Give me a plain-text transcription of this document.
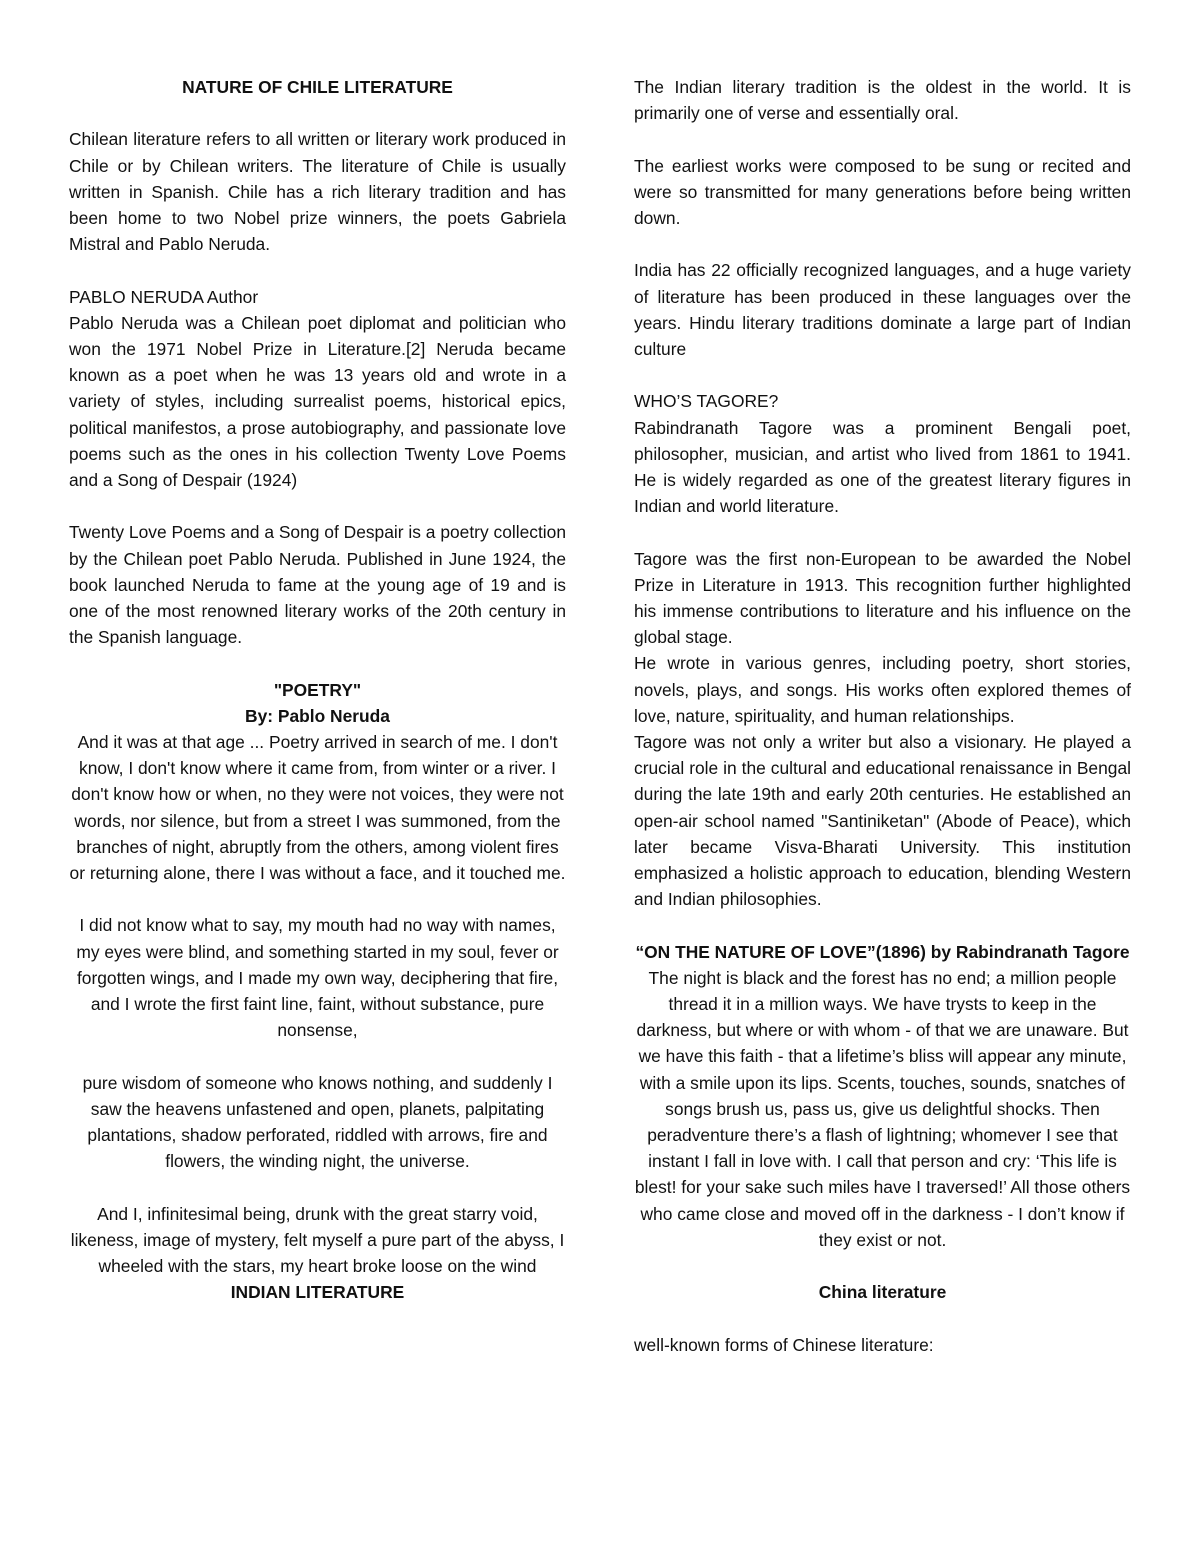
NATURE OF CHILE LITERATURE

Chilean literature refers to all written or literary work produced in Chile or by Chilean writers. The literature of Chile is usually written in Spanish. Chile has a rich literary tradition and has been home to two Nobel prize winners, the poets Gabriela Mistral and Pablo Neruda.

PABLO NERUDA Author

Pablo Neruda was a Chilean poet diplomat and politician who won the 1971 Nobel Prize in Literature.[2] Neruda became known as a poet when he was 13 years old and wrote in a variety of styles, including surrealist poems, historical epics, political manifestos, a prose autobiography, and passionate love poems such as the ones in his collection Twenty Love Poems and a Song of Despair (1924)

Twenty Love Poems and a Song of Despair is a poetry collection by the Chilean poet Pablo Neruda. Published in June 1924, the book launched Neruda to fame at the young age of 19 and is one of the most renowned literary works of the 20th century in the Spanish language.

"POETRY"

By: Pablo Neruda

And it was at that age ... Poetry arrived in search of me. I don't know, I don't know where it came from, from winter or a river. I don't know how or when, no they were not voices, they were not words, nor silence, but from a street I was summoned, from the branches of night, abruptly from the others, among violent fires or returning alone, there I was without a face, and it touched me.

I did not know what to say, my mouth had no way with names, my eyes were blind, and something started in my soul, fever or forgotten wings, and I made my own way, deciphering that fire, and I wrote the first faint line, faint, without substance, pure nonsense,

pure wisdom of someone who knows nothing, and suddenly I saw the heavens unfastened and open, planets, palpitating plantations, shadow perforated, riddled with arrows, fire and flowers, the winding night, the universe.

And I, infinitesimal being, drunk with the great starry void, likeness, image of mystery, felt myself a pure part of the abyss, I wheeled with the stars, my heart broke loose on the wind

INDIAN LITERATURE

The Indian literary tradition is the oldest in the world. It is primarily one of verse and essentially oral.

The earliest works were composed to be sung or recited and were so transmitted for many generations before being written down.

India has 22 officially recognized languages, and a huge variety of literature has been produced in these languages over the years. Hindu literary traditions dominate a large part of Indian culture

WHO’S TAGORE?

Rabindranath Tagore was a prominent Bengali poet, philosopher, musician, and artist who lived from 1861 to 1941. He is widely regarded as one of the greatest literary figures in Indian and world literature.

Tagore was the first non-European to be awarded the Nobel Prize in Literature in 1913. This recognition further highlighted his immense contributions to literature and his influence on the global stage.

He wrote in various genres, including poetry, short stories, novels, plays, and songs. His works often explored themes of love, nature, spirituality, and human relationships.

Tagore was not only a writer but also a visionary. He played a crucial role in the cultural and educational renaissance in Bengal during the late 19th and early 20th centuries. He established an open-air school named "Santiniketan" (Abode of Peace), which later became Visva-Bharati University. This institution emphasized a holistic approach to education, blending Western and Indian philosophies.

“ON THE NATURE OF LOVE”(1896) by Rabindranath Tagore

The night is black and the forest has no end; a million people thread it in a million ways. We have trysts to keep in the darkness, but where or with whom - of that we are unaware. But we have this faith - that a lifetime’s bliss will appear any minute, with a smile upon its lips. Scents, touches, sounds, snatches of songs brush us, pass us, give us delightful shocks. Then peradventure there’s a flash of lightning; whomever I see that instant I fall in love with. I call that person and cry: ‘This life is blest! for your sake such miles have I traversed!’ All those others who came close and moved off in the darkness - I don’t know if they exist or not.

China literature

well-known forms of Chinese literature:
